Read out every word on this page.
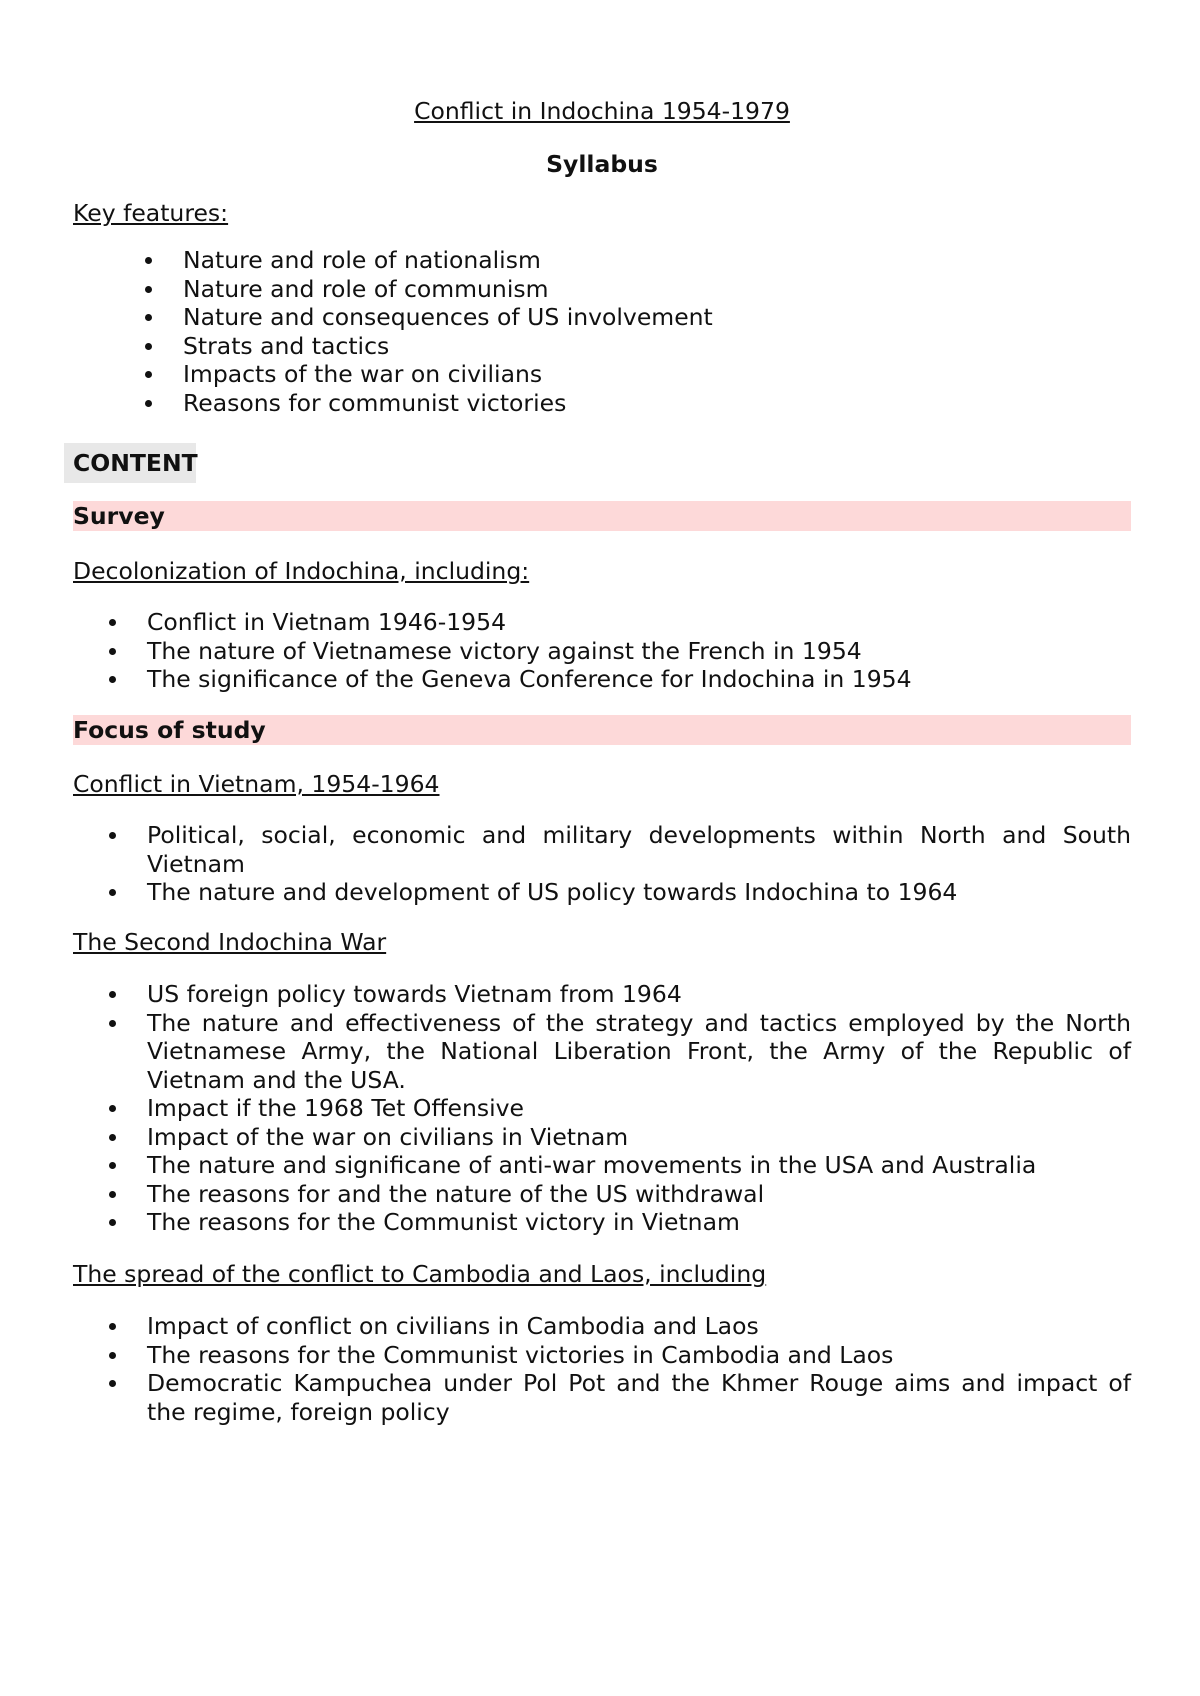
Conflict in Indochina 1954-1979

Syllabus

Key features:

Nature and role of nationalism
Nature and role of communism
Nature and consequences of US involvement
Strats and tactics
Impacts of the war on civilians
Reasons for communist victories
CONTENT
Survey

Decolonization of Indochina, including:

Conflict in Vietnam 1946-1954
The nature of Vietnamese victory against the French in 1954
The significance of the Geneva Conference for Indochina in 1954
Focus of study

Conflict in Vietnam, 1954-1964

Political, social, economic and military developments within North and South Vietnam
The nature and development of US policy towards Indochina to 1964

The Second Indochina War

US foreign policy towards Vietnam from 1964
The nature and effectiveness of the strategy and tactics employed by the North Vietnamese Army, the National Liberation Front, the Army of the Republic of Vietnam and the USA.
Impact if the 1968 Tet Offensive
Impact of the war on civilians in Vietnam
The nature and significane of anti-war movements in the USA and Australia
The reasons for and the nature of the US withdrawal
The reasons for the Communist victory in Vietnam

The spread of the conflict to Cambodia and Laos, including

Impact of conflict on civilians in Cambodia and Laos
The reasons for the Communist victories in Cambodia and Laos
Democratic Kampuchea under Pol Pot and the Khmer Rouge aims and impact of the regime, foreign policy
